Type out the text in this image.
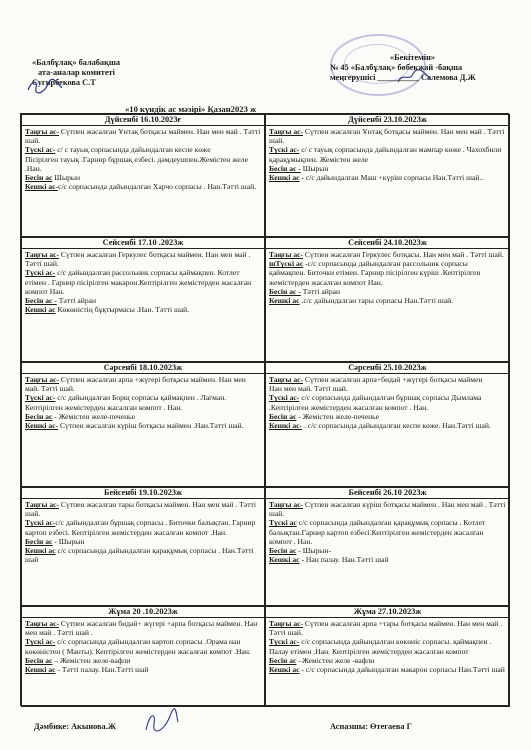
«Балбұлақ» балабақша
ата-аналар комитеті
Сугирбекова С.Т
«Бекітемін»
№ 45 «Балбұлақ» бөбекжай -бақша
меңгерушісі __________ Салемова Д.Ж
«10 күндік ас мәзірі» Қазан2023 ж
Дүйсенбі 16.10.2023ғ
Таңғы ас- Сүтпен жасалған Ұнтақ ботқасы маймен. Нан мен май . Тәтті шай.
Түскі ас- с/ с тауық сорпасында дайындалған кеспе көже
Пісірілген тауық .Гарнир бұршақ езбесі. дәмдеушпен.Жемістен желе .Нан.
Бесін ас Шырын
Кешкі ас-с/с сорпасында дайындалған Харчо сорпасы . Нан.Тәтті шай.
Дүйсенбі 23.10.2023ж
Таңғы ас- Сүтпен жасалған Ұнтақ ботқасы маймен. Нан мен май . Тәтті шай.
Түскі ас- с/ с тауық сорпасында дайындалған мампар көже . Чахохбили қарақұмықпен. Жемістен желе
Бесін ас - Шырын
Кешкі ас - с/с дайындалған Маш +күріш сорпасы Нан.Тәтті шай..
Сейсенбі 17.10 .2023ж
Таңғы ас- Сүтпен жасалған Геркулес ботқасы маймен. Нан мен май . Тәтті шай.
Түскі ас- с/с дайындалған рассольник сорпасы қаймақпен. Котлет етімен . Гарнир пісірілген макарон.Кептірілген жемістерден жасалған компот Нан.
Бесін ас - Тәтті айран
Кешкі ас Көкөністің бұқтырмасы .Нан. Тәтті шай.
Сейсенбі 24.10.2023ж
Таңғы ас- Сүтпен жасалған Геркулес ботқасы. Нан мен май . Тәтті шай.
шТүскі ас -с/с сорпасында дайындалған рассольник сорпасы қаймақпен. Биточки етімен. Гарнир пісірілген күріш .Кептірілген жемістерден жасалған компот Нан.
Бесін ас - Тәтті айран
Кешкі ас .с/с дайындалған тары сорпасы Нан.Тәтті шай.
Сәрсенбі 18.10.2023ж
Таңғы ас- Сүтпен жасалған арпа +жүгері ботқасы маймен. Нан мен май. Тәтті шай.
Түскі ас- с/с дайындалған Борщ сорпасы қаймақпен . Лагман. Кептірілген жемістерден жасалған компот . Нан.
Бесін ас - Жемістен желе-печенье
Кешкі ас- Сүтпен жасалған күріш ботқасы маймен .Нан.Тәтті шай.
Сәрсенбі 25.10.2023ж
Таңғы ас- Сүтпен жасалған арпа+бидай +жүгері ботқасы маймен
Нан мен май. Тәтті шай.
Түскі ас- с/с сорпасында дайындалған бұршақ сорпасы Дымлама .Кептірілген жемістерден жасалған компот . Нан.
Бесін ас - Жемістен желе-печенье
Кешкі ас- . с/с сорпасында дайындалған кеспе көже. Нан.Тәтті шай.
Бейсенбі 19.10.2023ж
Таңғы ас- Сүтпен жасалған тары ботқасы маймен. Нан мен май . Тәтті шай.
Түскі ас-с/с дайындалған бұршақ сорпасы . Биточки балықтан. Гарнир картоп езбесі. Кептірілген жемістерден жасалған компот .Нан.
Бесін ас - Шырын
Кешкі ас с/с сорпасында дайындалған қарақұмық сорпасы . Нан.Тәтті шай
Бейсенбі 26.10 2023ж
Таңғы ас- Сүтпен жасалған күріш ботқасы маймен . Нан мен май . Тәтті шай.
Түскі ас с/с сорпасында дайындалған қарақұмық сорпасы . Котлет балықтан.Гарнир картоп езбесі.Кептірілген жемістерден жасалған компот . Нан.
Бесін ас - Шырын-
Кешкі ас - Нан палау. Нан.Тәтті шай
Жұма 20 .10.2023ж
Таңғы ас- Сүтпен жасалған бидай+ жүгері +арпа ботқасы маймен. Нан мен май . Тәтті шай .
Түскі ас- с/с сорпасында дайындалған картоп сорпасы .Орама нан көкөністен ( Манты). Кептірілген жемістерден жасалған компот .Нан.
Бесін ас – Жемістен желе-вафли
Кешкі ас - Тәтті палау. Нан.Тәтті шай
Жұма 27.10.2023ж
Таңғы ас- Сүтпен жасалған арпа +тары ботқасы маймен. Нан мен май . Тәтті шай.
Түскі ас- с/с сорпасында дайындалған көкөніс сорпасы. қаймақпен . Палау етімен .Нан. Кептірілген жемістерден жасалған компот
Бесін ас –Жемістен желе -вафли
Кешкі ас - с/с сорпасында дайындалған макарон сорпасы Нан.Тәтті шай
Дәмбике: Акынова.Ж	Аспазшы: Өтегаева Г
